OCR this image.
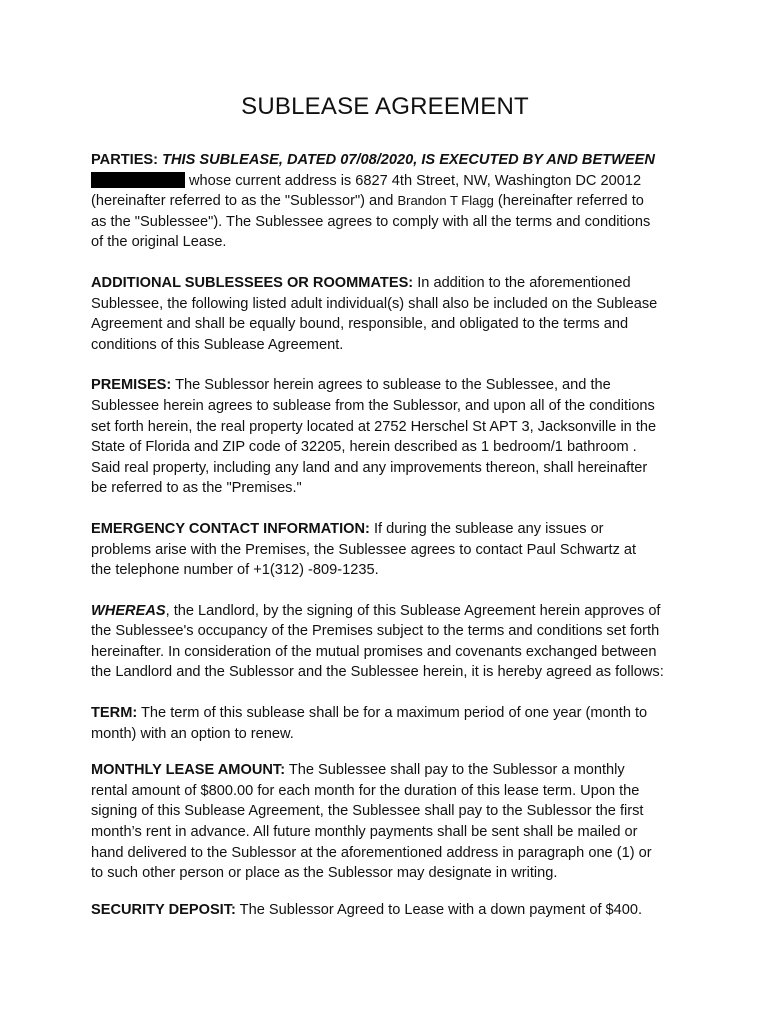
SUBLEASE AGREEMENT

PARTIES: THIS SUBLEASE, DATED 07/08/2020, IS EXECUTED BY AND BETWEEN
whose current address is 6827 4th Street, NW, Washington DC 20012
(hereinafter referred to as the "Sublessor") and Brandon T Flagg (hereinafter referred to
as the "Sublessee"). The Sublessee agrees to comply with all the terms and conditions
of the original Lease.

ADDITIONAL SUBLESSEES OR ROOMMATES: In addition to the aforementioned
Sublessee, the following listed adult individual(s) shall also be included on the Sublease
Agreement and shall be equally bound, responsible, and obligated to the terms and
conditions of this Sublease Agreement.

PREMISES: The Sublessor herein agrees to sublease to the Sublessee, and the
Sublessee herein agrees to sublease from the Sublessor, and upon all of the conditions
set forth herein, the real property located at 2752 Herschel St APT 3, Jacksonville in the
State of Florida and ZIP code of 32205, herein described as 1 bedroom/1 bathroom .
Said real property, including any land and any improvements thereon, shall hereinafter
be referred to as the "Premises."

EMERGENCY CONTACT INFORMATION: If during the sublease any issues or
problems arise with the Premises, the Sublessee agrees to contact Paul Schwartz at
the telephone number of +1(312) -809-1235.

WHEREAS, the Landlord, by the signing of this Sublease Agreement herein approves of
the Sublessee's occupancy of the Premises subject to the terms and conditions set forth
hereinafter. In consideration of the mutual promises and covenants exchanged between
the Landlord and the Sublessor and the Sublessee herein, it is hereby agreed as follows:

TERM: The term of this sublease shall be for a maximum period of one year (month to
month) with an option to renew.

MONTHLY LEASE AMOUNT: The Sublessee shall pay to the Sublessor a monthly
rental amount of $800.00 for each month for the duration of this lease term. Upon the
signing of this Sublease Agreement, the Sublessee shall pay to the Sublessor the first
month’s rent in advance. All future monthly payments shall be sent shall be mailed or
hand delivered to the Sublessor at the aforementioned address in paragraph one (1) or
to such other person or place as the Sublessor may designate in writing.

SECURITY DEPOSIT: The Sublessor Agreed to Lease with a down payment of $400.
